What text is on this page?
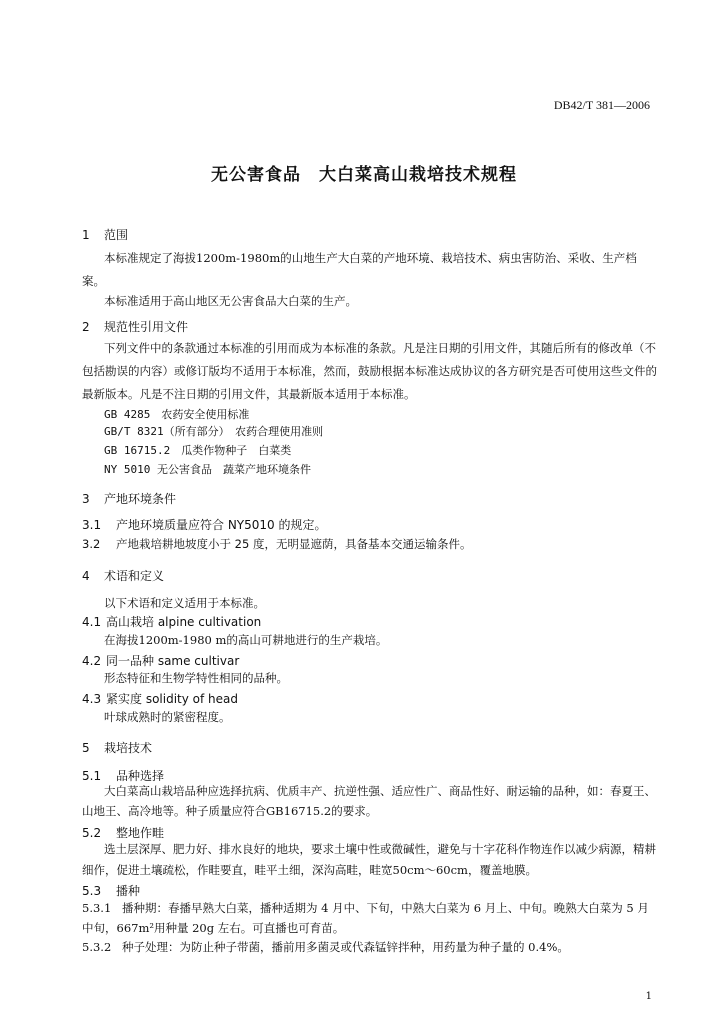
DB42/T 381—2006
无公害食品　大白菜高山栽培技术规程
1 范围
本标准规定了海拔1200m-1980m的山地生产大白菜的产地环境、栽培技术、病虫害防治、采收、生产档案。
本标准适用于高山地区无公害食品大白菜的生产。
2 规范性引用文件
下列文件中的条款通过本标准的引用而成为本标准的条款。凡是注日期的引用文件，其随后所有的修改单（不包括勘误的内容）或修订版均不适用于本标准，然而，鼓励根据本标准达成协议的各方研究是否可使用这些文件的最新版本。凡是不注日期的引用文件，其最新版本适用于本标准。
GB 4285　农药安全使用标准
GB/T 8321（所有部分）　农药合理使用准则
GB 16715.2　瓜类作物种子　白菜类
NY 5010 无公害食品　蔬菜产地环境条件
3 产地环境条件
3.1 产地环境质量应符合 NY5010 的规定。
3.2 产地栽培耕地坡度小于 25 度，无明显遮荫，具备基本交通运输条件。
4 术语和定义
以下术语和定义适用于本标准。
4.1 高山栽培 alpine cultivation
在海拔1200m-1980 m的高山可耕地进行的生产栽培。
4.2 同一品种 same cultivar
形态特征和生物学特性相同的品种。
4.3 紧实度 solidity of head
叶球成熟时的紧密程度。
5 栽培技术
5.1 品种选择
大白菜高山栽培品种应选择抗病、优质丰产、抗逆性强、适应性广、商品性好、耐运输的品种，如：春夏王、山地王、高冷地等。种子质量应符合GB16715.2的要求。
5.2 整地作畦
选土层深厚、肥力好、排水良好的地块，要求土壤中性或微碱性，避免与十字花科作物连作以减少病源，精耕细作，促进土壤疏松，作畦要直，畦平土细，深沟高畦，畦宽50cm～60cm，覆盖地膜。
5.3 播种
5.3.1 播种期：春播早熟大白菜，播种适期为 4 月中、下旬，中熟大白菜为 6 月上、中旬。晚熟大白菜为 5 月中旬，667m²用种量 20g 左右。可直播也可育苗。
5.3.2 种子处理：为防止种子带菌，播前用多菌灵或代森锰锌拌种，用药量为种子量的 0.4%。
1
